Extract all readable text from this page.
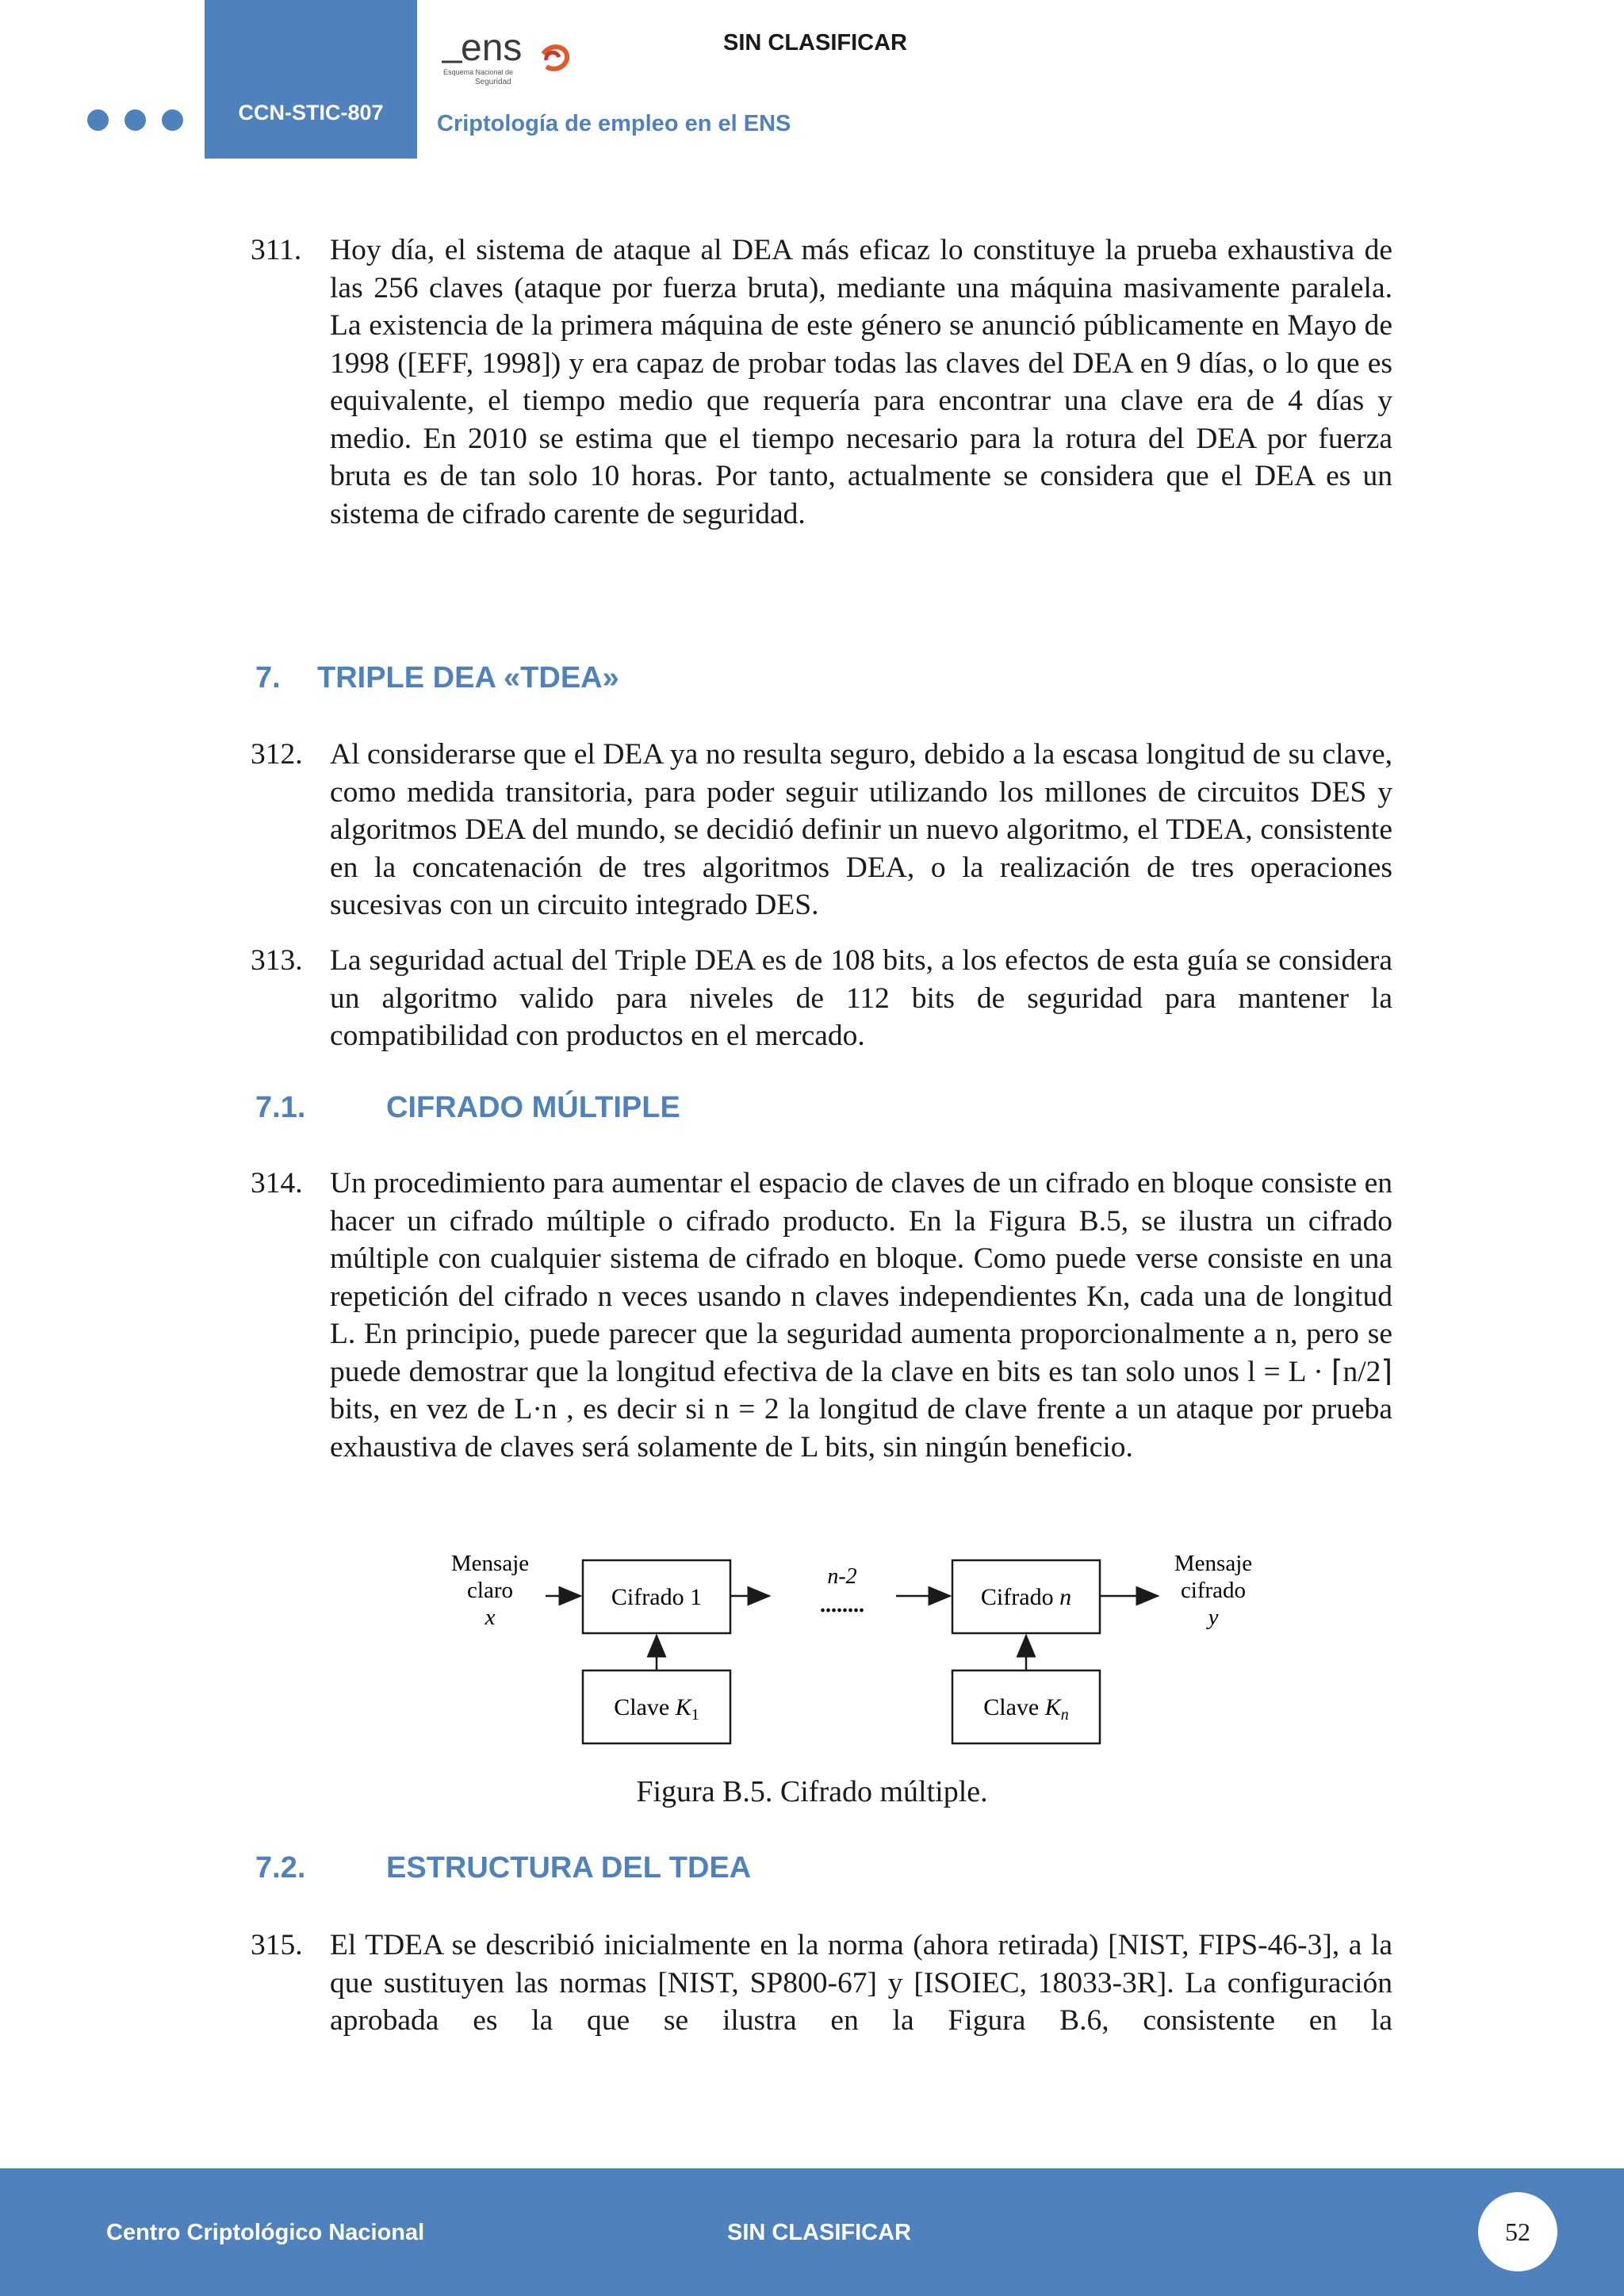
CCN-STIC-807
ens
Esquema Nacional de
Seguridad
SIN CLASIFICAR
Criptología de empleo en el ENS
311. Hoy día, el sistema de ataque al DEA más eficaz lo constituye la prueba exhaustiva de las 256 claves (ataque por fuerza bruta), mediante una máquina masivamente paralela. La existencia de la primera máquina de este género se anunció públicamente en Mayo de 1998 ([EFF, 1998]) y era capaz de probar todas las claves del DEA en 9 días, o lo que es equivalente, el tiempo medio que requería para encontrar una clave era de 4 días y medio. En 2010 se estima que el tiempo necesario para la rotura del DEA por fuerza bruta es de tan solo 10 horas. Por tanto, actualmente se considera que el DEA es un sistema de cifrado carente de seguridad.
7. TRIPLE DEA «TDEA»
312. Al considerarse que el DEA ya no resulta seguro, debido a la escasa longitud de su clave, como medida transitoria, para poder seguir utilizando los millones de circuitos DES y algoritmos DEA del mundo, se decidió definir un nuevo algoritmo, el TDEA, consistente en la concatenación de tres algoritmos DEA, o la realización de tres operaciones sucesivas con un circuito integrado DES.
313. La seguridad actual del Triple DEA es de 108 bits, a los efectos de esta guía se considera un algoritmo valido para niveles de 112 bits de seguridad para mantener la compatibilidad con productos en el mercado.
7.1.	CIFRADO MÚLTIPLE
314. Un procedimiento para aumentar el espacio de claves de un cifrado en bloque consiste en hacer un cifrado múltiple o cifrado producto. En la Figura B.5, se ilustra un cifrado múltiple con cualquier sistema de cifrado en bloque. Como puede verse consiste en una repetición del cifrado n veces usando n claves independientes Kn, cada una de longitud L. En principio, puede parecer que la seguridad aumenta proporcionalmente a n, pero se puede demostrar que la longitud efectiva de la clave en bits es tan solo unos l = L · ⌈n/2⌉ bits, en vez de L·n , es decir si n = 2 la longitud de clave frente a un ataque por prueba exhaustiva de claves será solamente de L bits, sin ningún beneficio.
Mensaje
claro
x
Cifrado 1
n-2
........	Cifrado n
Mensaje
cifrado
y
Clave $K_1$	Clave $K_n$
Figura B.5. Cifrado múltiple.
7.2.	ESTRUCTURA DEL TDEA
315. El TDEA se describió inicialmente en la norma (ahora retirada) [NIST, FIPS-46-3], a la que sustituyen las normas [NIST, SP800-67] y [ISOIEC, 18033-3R]. La configuración aprobada es la que se ilustra en la Figura B.6, consistente en la
Centro Criptológico Nacional	SIN CLASIFICAR	52
